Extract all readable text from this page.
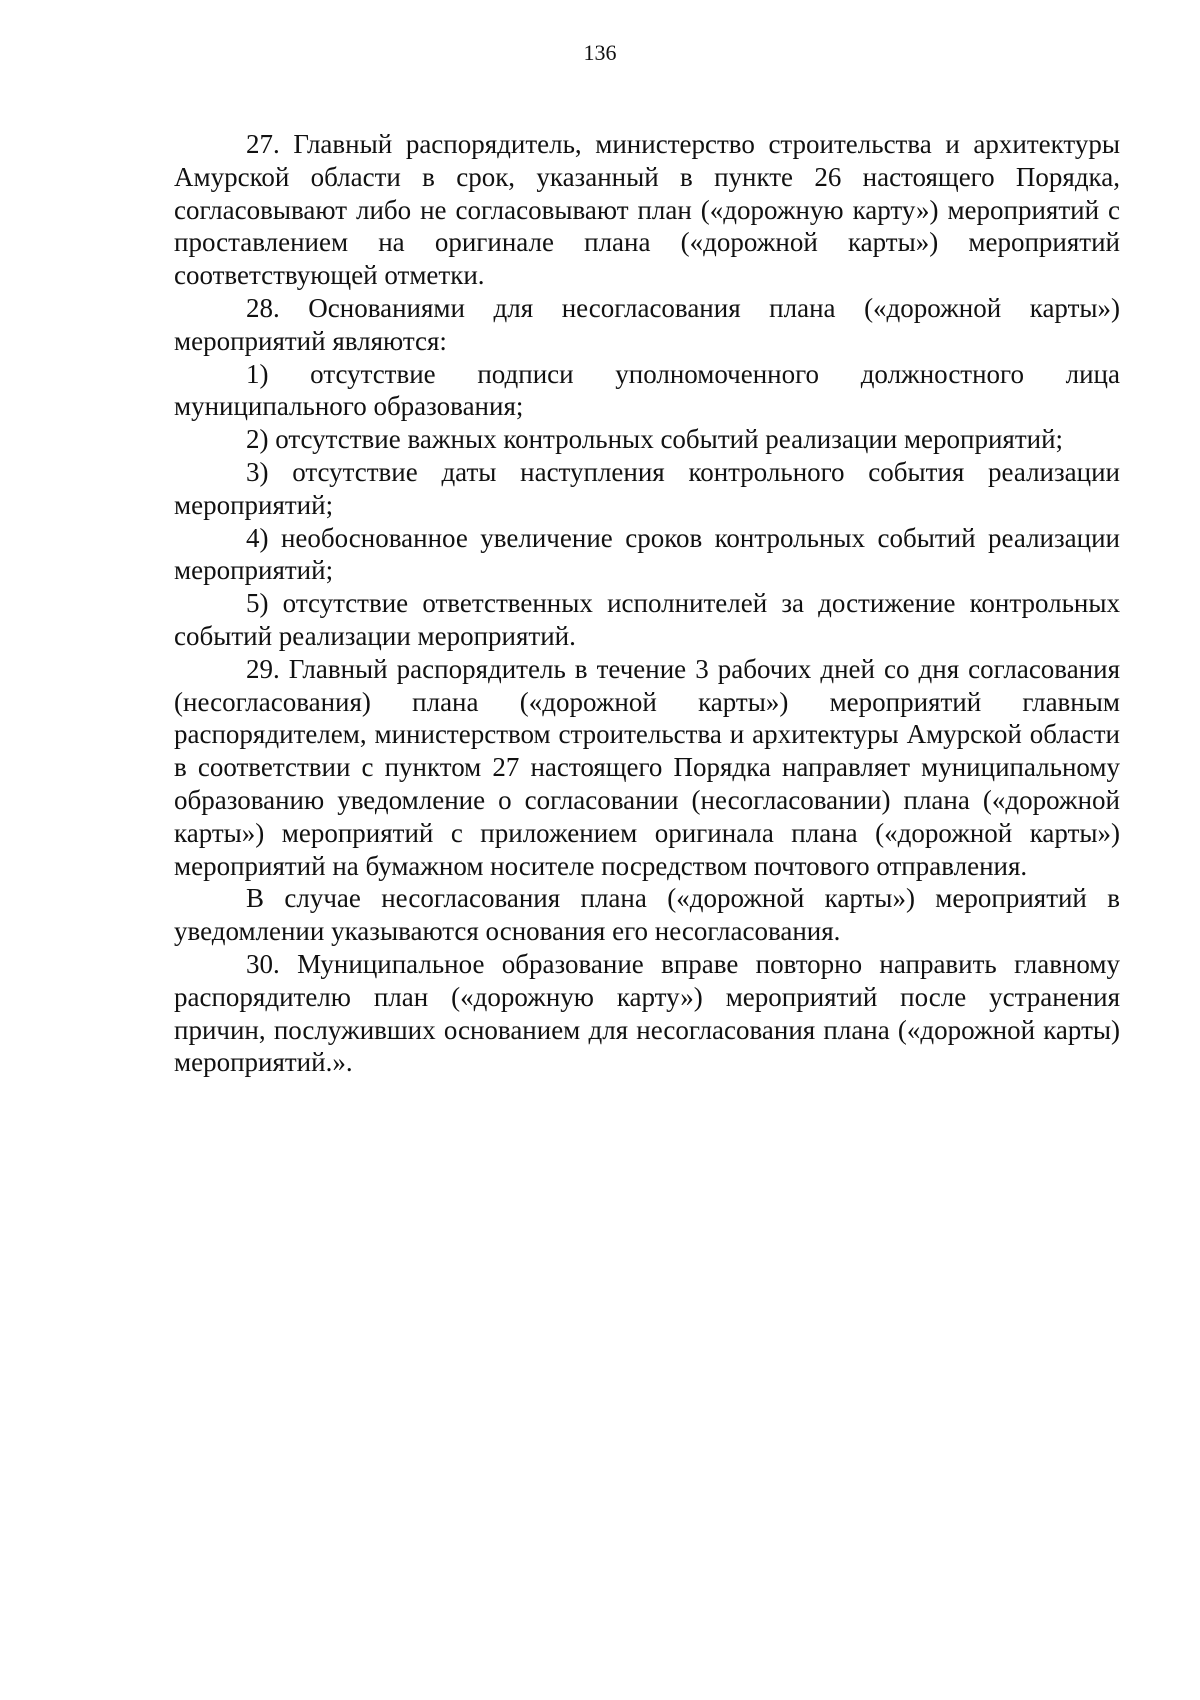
136

27. Главный распорядитель, министерство строительства и архитектуры Амурской области в срок, указанный в пункте 26 настоящего Порядка, согласовывают либо не согласовывают план («дорожную карту») мероприятий с проставлением на оригинале плана («дорожной карты») мероприятий соответствующей отметки.

28. Основаниями для несогласования плана («дорожной карты») мероприятий являются:

1) отсутствие подписи уполномоченного должностного лица муниципального образования;

2) отсутствие важных контрольных событий реализации мероприятий;

3) отсутствие даты наступления контрольного события реализации мероприятий;

4) необоснованное увеличение сроков контрольных событий реализации мероприятий;

5) отсутствие ответственных исполнителей за достижение контрольных событий реализации мероприятий.

29. Главный распорядитель в течение 3 рабочих дней со дня согласования (несогласования) плана («дорожной карты») мероприятий главным распорядителем, министерством строительства и архитектуры Амурской области в соответствии с пунктом 27 настоящего Порядка направляет муниципальному образованию уведомление о согласовании (несогласовании) плана («дорожной карты») мероприятий с приложением оригинала плана («дорожной карты») мероприятий на бумажном носителе посредством почтового отправления.

В случае несогласования плана («дорожной карты») мероприятий в уведомлении указываются основания его несогласования.

30. Муниципальное образование вправе повторно направить главному распорядителю план («дорожную карту») мероприятий после устранения причин, послуживших основанием для несогласования плана («дорожной карты) мероприятий.».
